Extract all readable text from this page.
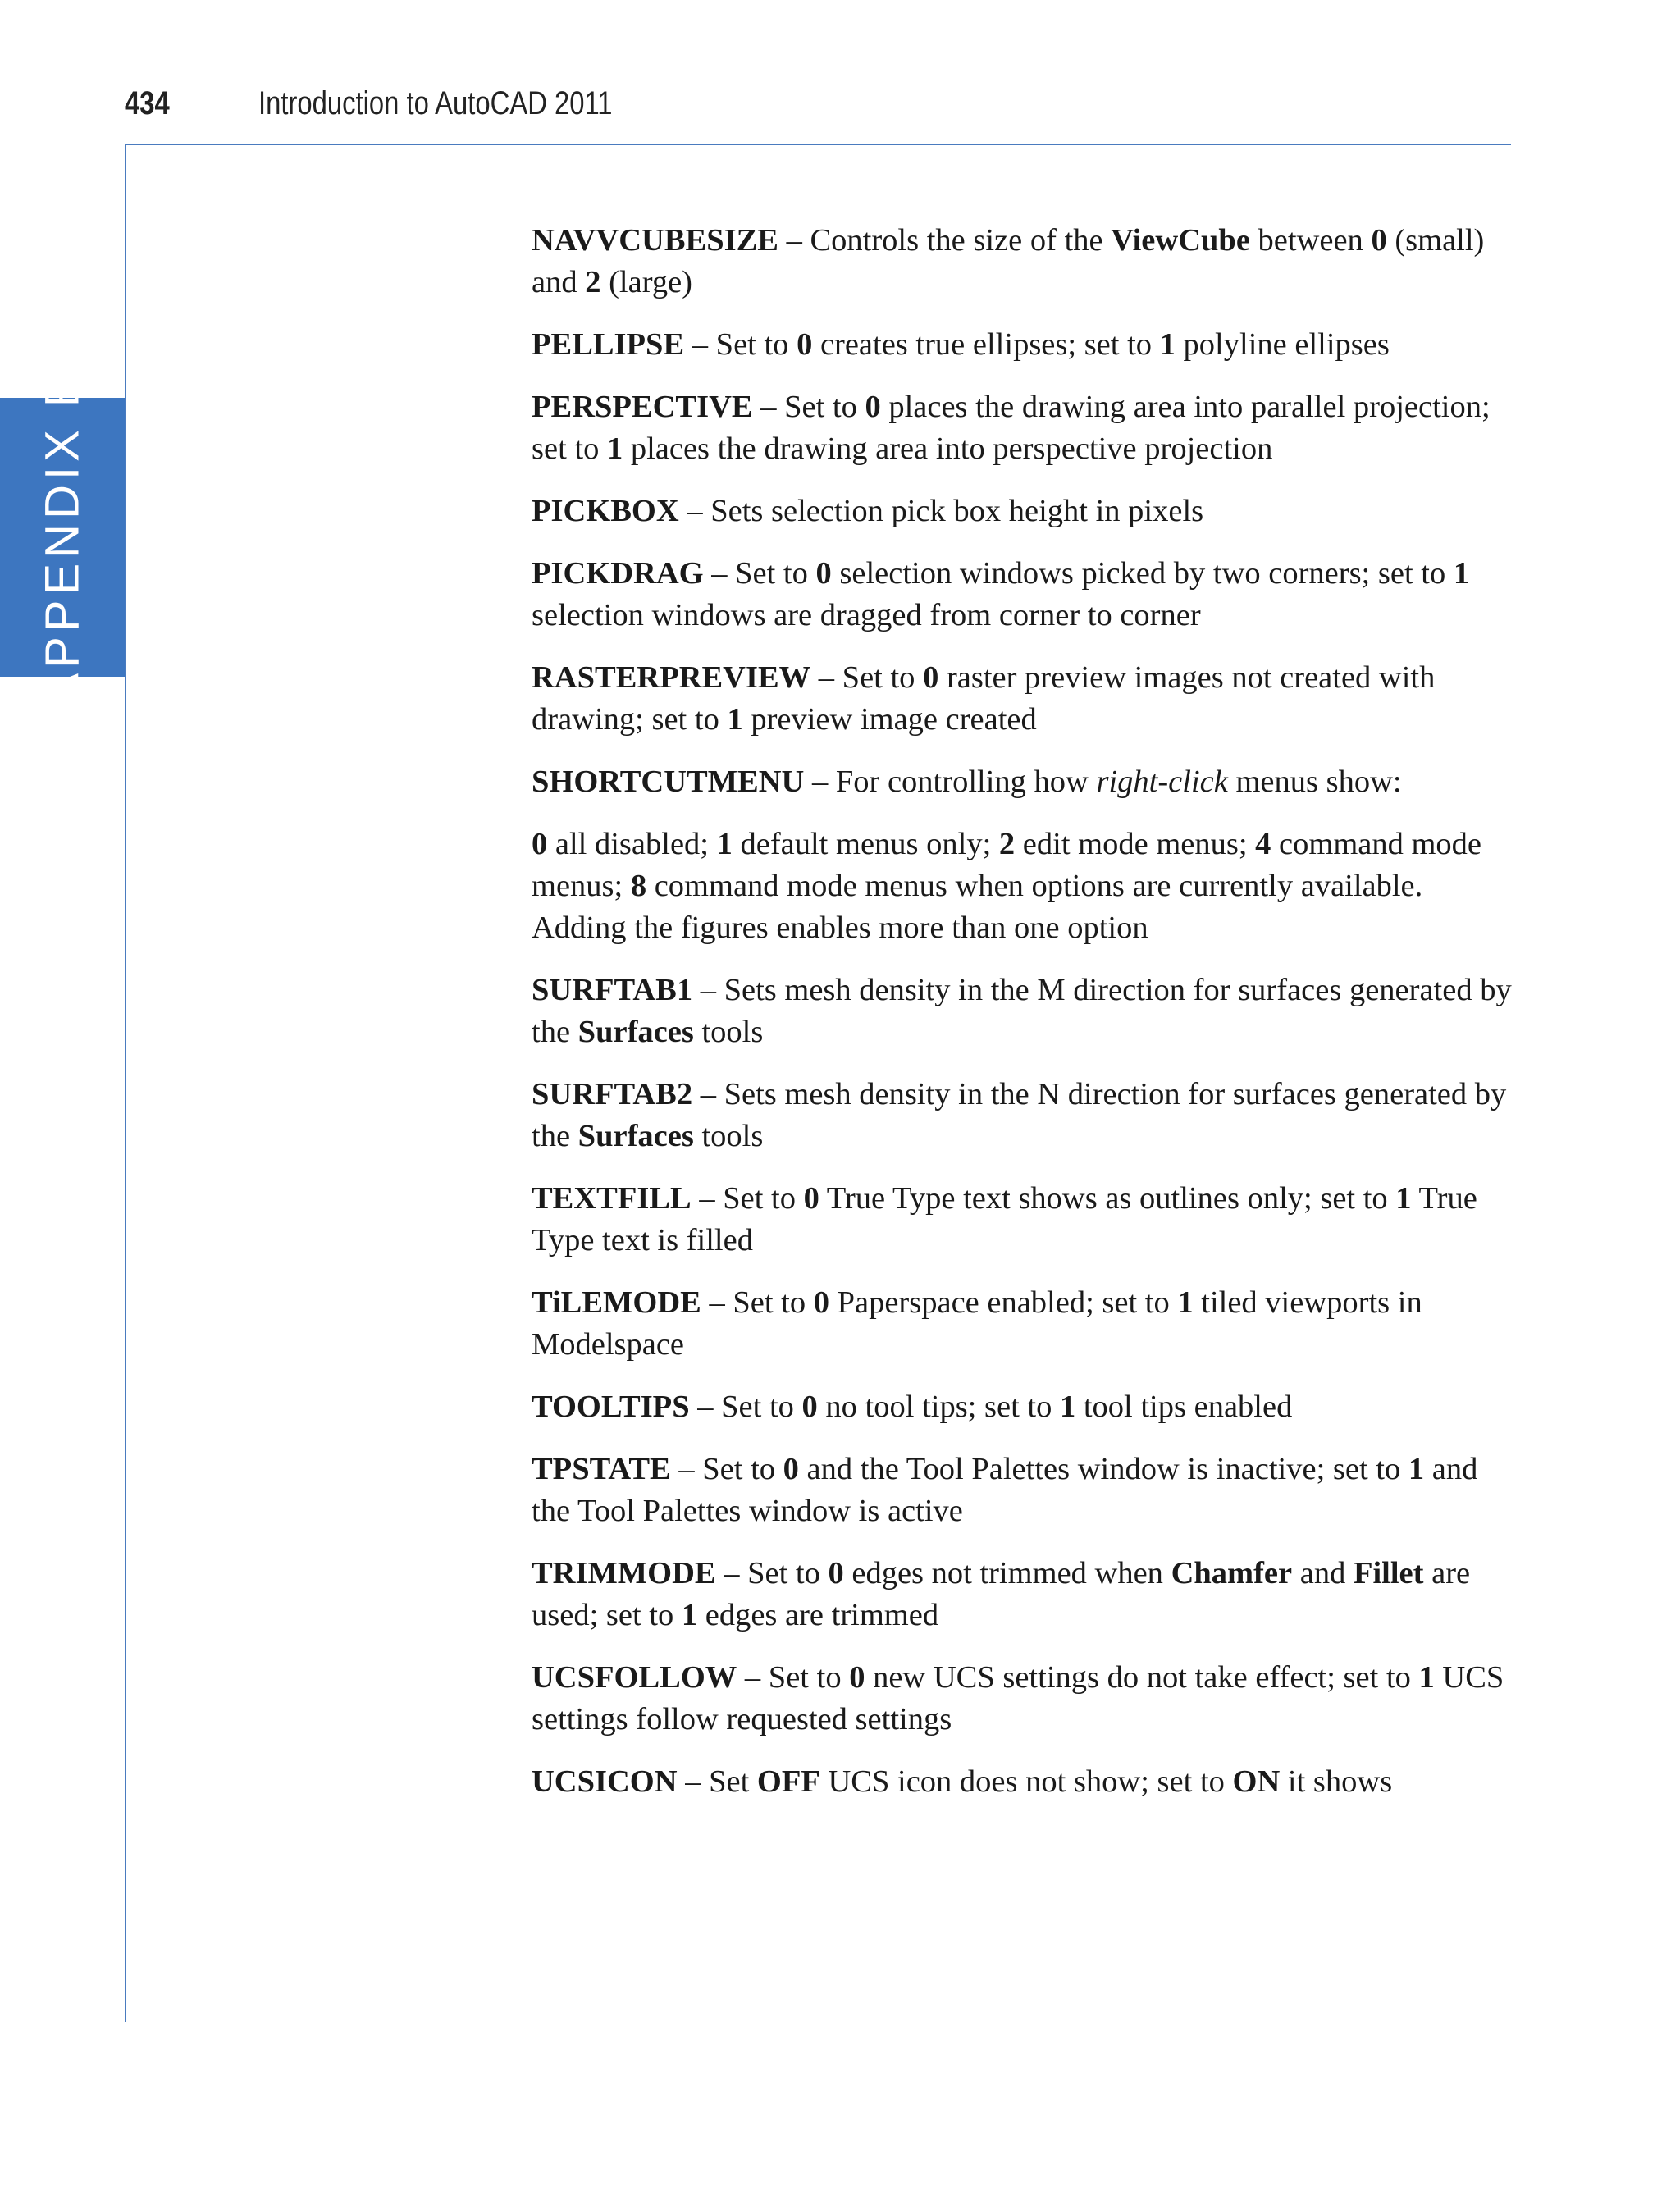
434	Introduction to AutoCAD 2011
APPENDIX B

NAVVCUBESIZE – Controls the size of the ViewCube between 0 (small) and 2 (large)

PELLIPSE – Set to 0 creates true ellipses; set to 1 polyline ellipses

PERSPECTIVE – Set to 0 places the drawing area into parallel projection; set to 1 places the drawing area into perspective projection

PICKBOX – Sets selection pick box height in pixels

PICKDRAG – Set to 0 selection windows picked by two corners; set to 1 selection windows are dragged from corner to corner

RASTERPREVIEW – Set to 0 raster preview images not created with drawing; set to 1 preview image created

SHORTCUTMENU – For controlling how right-click menus show:

0 all disabled; 1 default menus only; 2 edit mode menus; 4 command mode menus; 8 command mode menus when options are currently available. Adding the figures enables more than one option

SURFTAB1 – Sets mesh density in the M direction for surfaces generated by the Surfaces tools

SURFTAB2 – Sets mesh density in the N direction for surfaces generated by the Surfaces tools

TEXTFILL – Set to 0 True Type text shows as outlines only; set to 1 True Type text is filled

TiLEMODE – Set to 0 Paperspace enabled; set to 1 tiled viewports in Modelspace

TOOLTIPS – Set to 0 no tool tips; set to 1 tool tips enabled

TPSTATE – Set to 0 and the Tool Palettes window is inactive; set to 1 and the Tool Palettes window is active

TRIMMODE – Set to 0 edges not trimmed when Chamfer and Fillet are used; set to 1 edges are trimmed

UCSFOLLOW – Set to 0 new UCS settings do not take effect; set to 1 UCS settings follow requested settings

UCSICON – Set OFF UCS icon does not show; set to ON it shows
